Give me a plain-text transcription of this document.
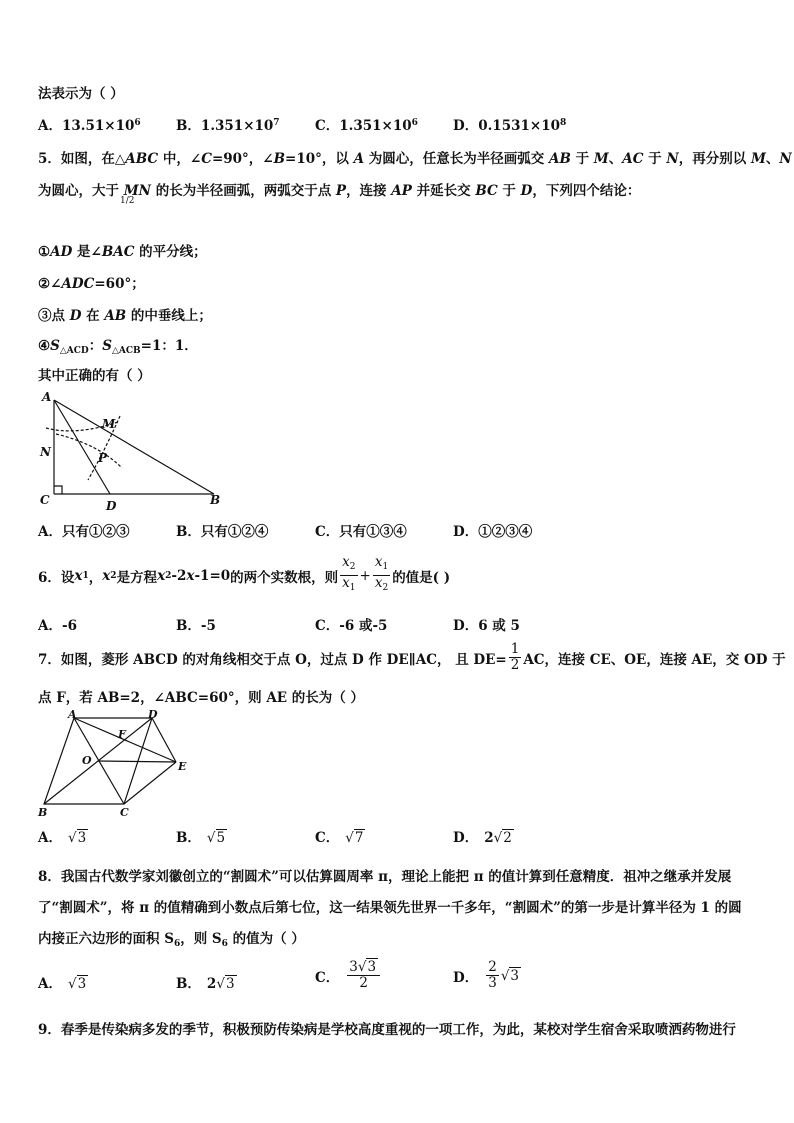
法表示为（ ）
A．$13.51\times 10^6$	B．$1.351\times 10^7$	C．$1.351\times 10^6$	D．$0.1531\times 10^8$
5．如图，在△ABC 中，∠C=90°，∠B=10°，以 A 为圆心，任意长为半径画弧交 AB 于 M、AC 于 N，再分别以 M、N
为圆心，大于 MN 的长为半径画弧，两弧交于点 P，连接 AP 并延长交 BC 于 D，下列四个结论：
1/2
①AD 是∠BAC 的平分线；
②∠ADC=60°；
③点 D 在 AB 的中垂线上；
$④S_{\triangle ACD}$：$S_{\triangle ACB}=1$：1．
其中正确的有（ ）
A
M
N	P
C	D	B
A．只有①②③	B．只有①②④	C．只有①③④	D．①②③④
6． 设 x 1 ， x 2 是方程 x 2 -2 x -1=0 的两个实数根，则 $\frac{x_2}{x_1} + \frac{x_1}{x_2}$ 的值是( )
A．-6	B．-5	C．-6 或-5	D．6 或 5
7． 如图，菱形 ABCD 的对角线相交于点 O，过点 D 作 DE∥AC， 且 $DE= \frac{1}{2}$ AC，连接 CE、OE，连接 AE，交 OD 于
点 F，若 AB=2，∠ABC=60°，则 AE 的长为（ ）
A	D
F
O	E
B	C
A． √3	B． √5	C． √7	D． 2√2
8．我国古代数学家刘徽创立的“割圆术”可以估算圆周率 π，理论上能把 π 的值计算到任意精度．祖冲之继承并发展
了“割圆术”，将 π 的值精确到小数点后第七位，这一结果领先世界一千多年，“割圆术”的第一步是计算半径为 1 的圆
内接正六边形的面积 $S_6$，则 $S_6$ 的值为（ ）
A． √3	B． 2√3	C． $\frac{3√3}{2}$	D． $\frac{2}{3} √3$
9．春季是传染病多发的季节，积极预防传染病是学校高度重视的一项工作，为此，某校对学生宿舍采取喷洒药物进行
